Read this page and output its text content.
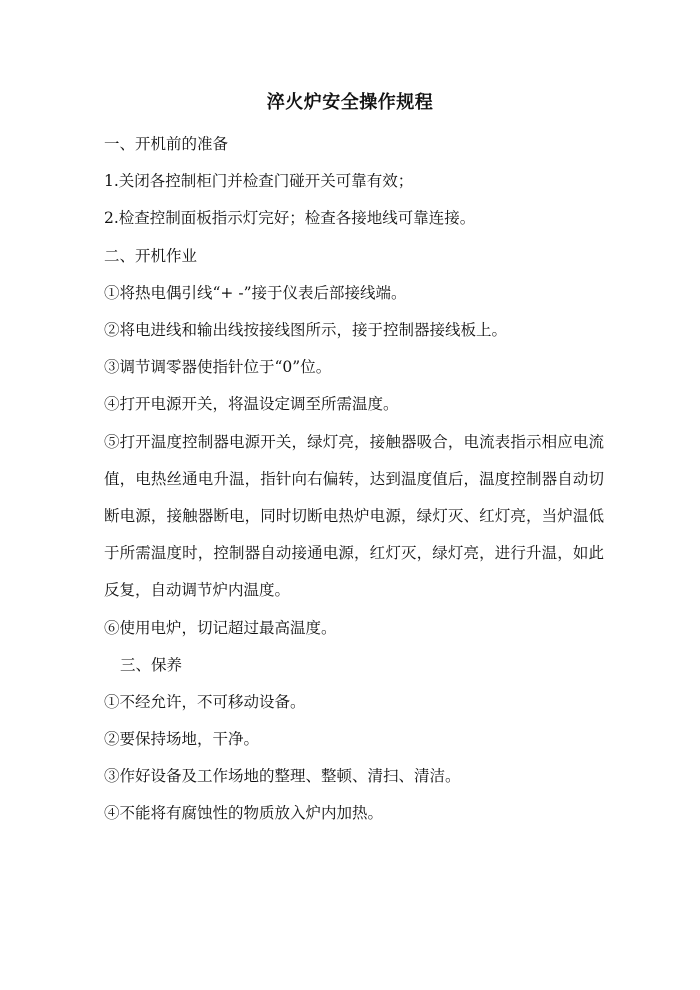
淬火炉安全操作规程

一、开机前的准备

1.关闭各控制柜门并检查门碰开关可靠有效；

2.检查控制面板指示灯完好；检查各接地线可靠连接。

二、开机作业

①将热电偶引线“+ -”接于仪表后部接线端。

②将电进线和输出线按接线图所示，接于控制器接线板上。

③调节调零器使指针位于“0”位。

④打开电源开关，将温设定调至所需温度。

⑤打开温度控制器电源开关，绿灯亮，接触器吸合，电流表指示相应电流值，电热丝通电升温，指针向右偏转，达到温度值后，温度控制器自动切断电源，接触器断电，同时切断电热炉电源，绿灯灭、红灯亮，当炉温低于所需温度时，控制器自动接通电源，红灯灭，绿灯亮，进行升温，如此反复，自动调节炉内温度。

⑥使用电炉，切记超过最高温度。

三、保养

①不经允许，不可移动设备。

②要保持场地，干净。

③作好设备及工作场地的整理、整顿、清扫、清洁。

④不能将有腐蚀性的物质放入炉内加热。
